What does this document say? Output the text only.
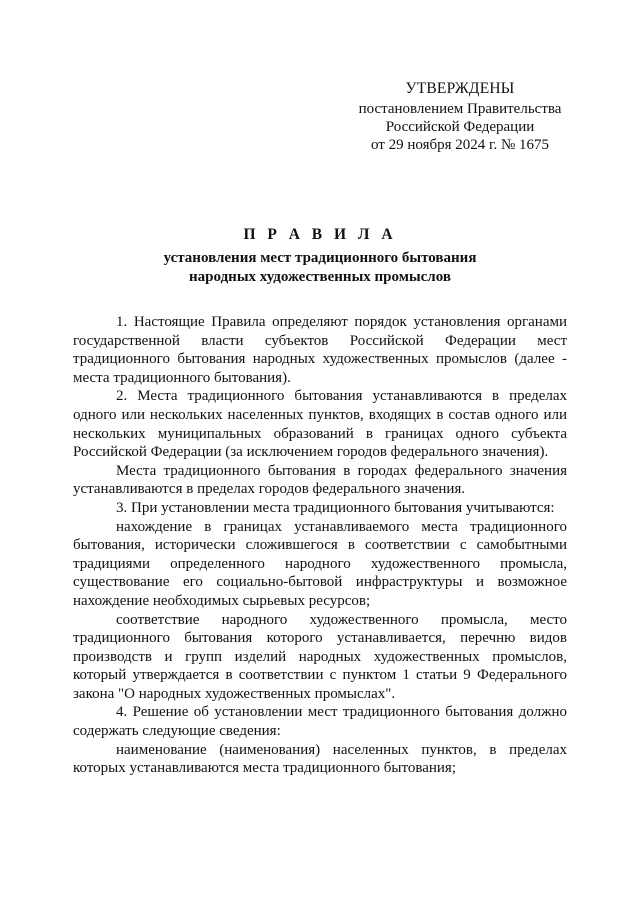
УТВЕРЖДЕНЫ
постановлением Правительства
Российской Федерации
от 29 ноября 2024 г. № 1675
П Р А В И Л А
установления мест традиционного бытования
народных художественных промыслов

1. Настоящие Правила определяют порядок установления органами государственной власти субъектов Российской Федерации мест традиционного бытования народных художественных промыслов (далее - места традиционного бытования).

2. Места традиционного бытования устанавливаются в пределах одного или нескольких населенных пунктов, входящих в состав одного или нескольких муниципальных образований в границах одного субъекта Российской Федерации (за исключением городов федерального значения).

Места традиционного бытования в городах федерального значения устанавливаются в пределах городов федерального значения.

3. При установлении места традиционного бытования учитываются:

нахождение в границах устанавливаемого места традиционного бытования, исторически сложившегося в соответствии с самобытными традициями определенного народного художественного промысла, существование его социально-бытовой инфраструктуры и возможное нахождение необходимых сырьевых ресурсов;

соответствие народного художественного промысла, место традиционного бытования которого устанавливается, перечню видов производств и групп изделий народных художественных промыслов, который утверждается в соответствии с пунктом 1 статьи 9 Федерального закона "О народных художественных промыслах".

4. Решение об установлении мест традиционного бытования должно содержать следующие сведения:

наименование (наименования) населенных пунктов, в пределах которых устанавливаются места традиционного бытования;
